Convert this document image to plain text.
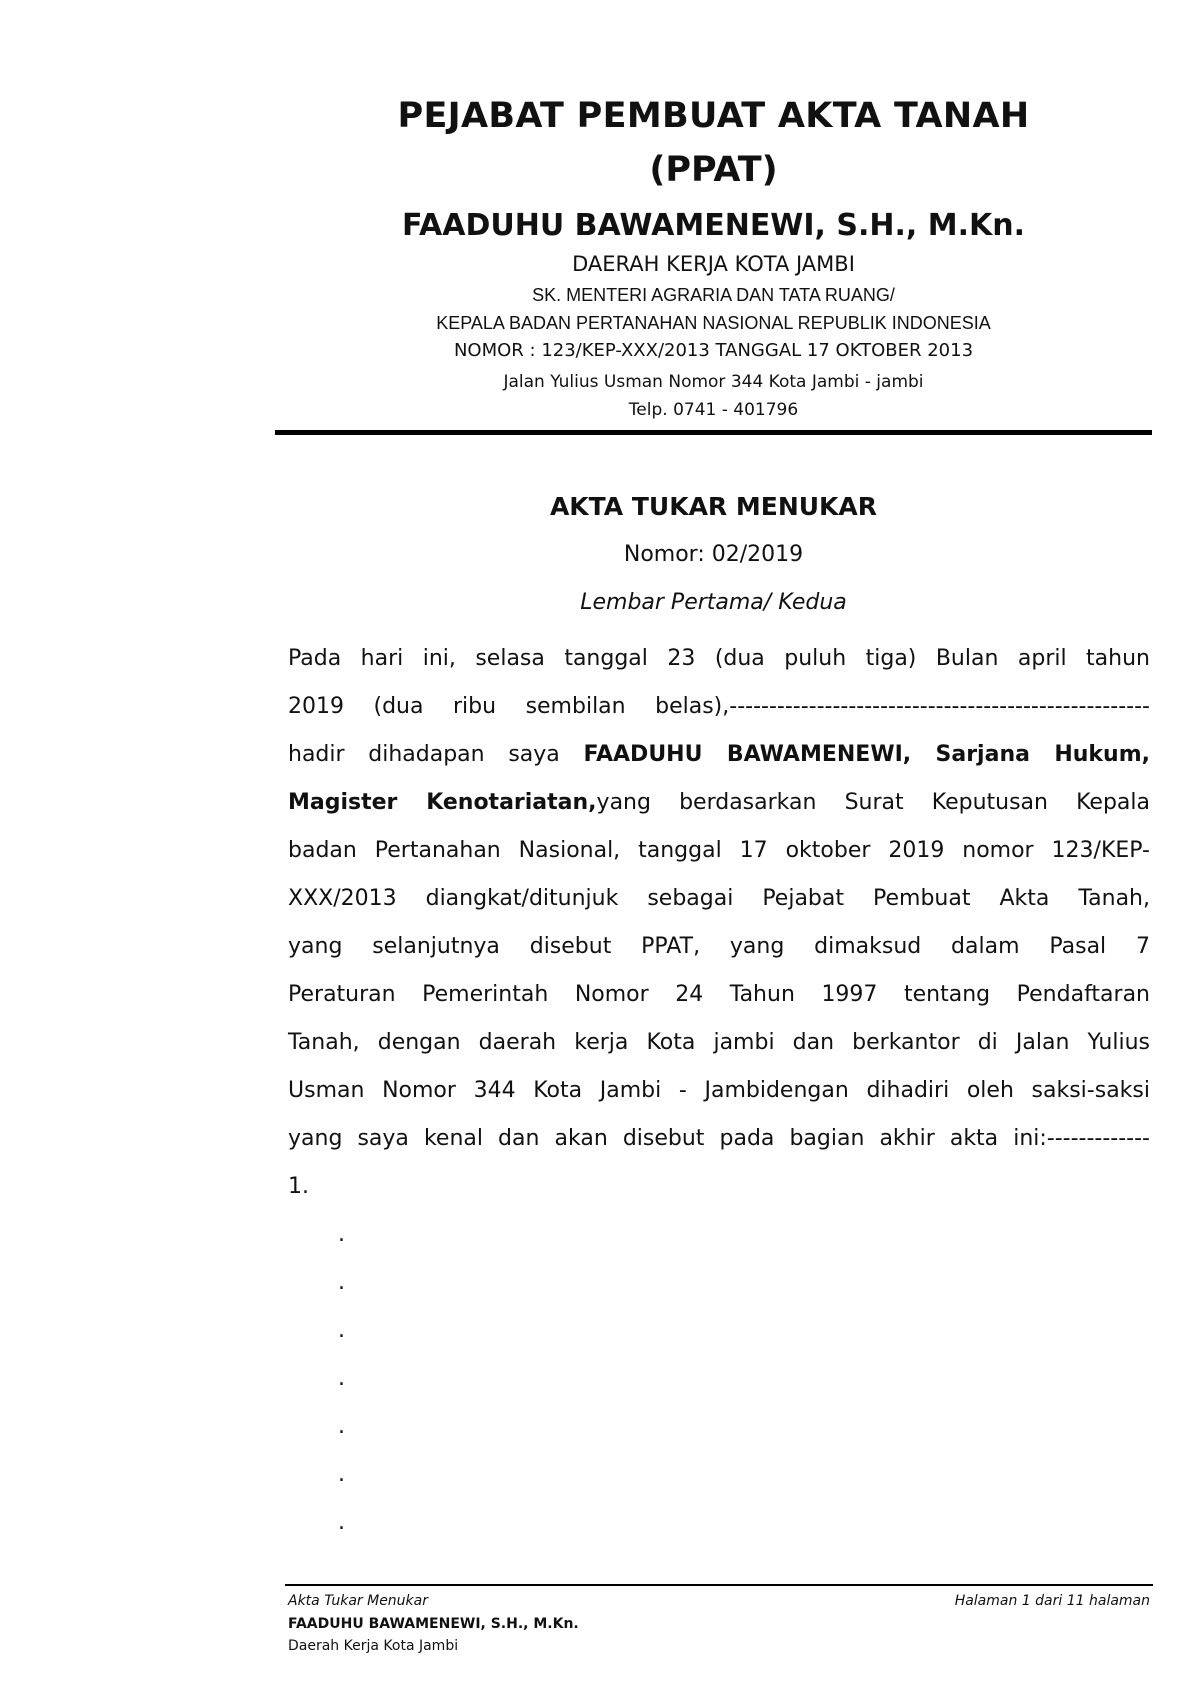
PEJABAT PEMBUAT AKTA TANAH
(PPAT)
FAADUHU BAWAMENEWI, S.H., M.Kn.
DAERAH KERJA KOTA JAMBI
SK. MENTERI AGRARIA DAN TATA RUANG/
KEPALA BADAN PERTANAHAN NASIONAL REPUBLIK INDONESIA
NOMOR : 123/KEP-XXX/2013 TANGGAL 17 OKTOBER 2013
Jalan Yulius Usman Nomor 344 Kota Jambi - jambi
Telp. 0741 - 401796
AKTA TUKAR MENUKAR
Nomor: 02/2019
Lembar Pertama/ Kedua
Pada hari ini, selasa tanggal 23 (dua puluh tiga) Bulan april tahun
2019 (dua ribu sembilan belas),-----------------------------------------------------
hadir dihadapan saya FAADUHU BAWAMENEWI, Sarjana Hukum,
Magister Kenotariatan,yang berdasarkan Surat Keputusan Kepala
badan Pertanahan Nasional, tanggal 17 oktober 2019 nomor 123/KEP-
XXX/2013 diangkat/ditunjuk sebagai Pejabat Pembuat Akta Tanah,
yang selanjutnya disebut PPAT, yang dimaksud dalam Pasal 7
Peraturan Pemerintah Nomor 24 Tahun 1997 tentang Pendaftaran
Tanah, dengan daerah kerja Kota jambi dan berkantor di Jalan Yulius
Usman Nomor 344 Kota Jambi - Jambidengan dihadiri oleh saksi-saksi
yang saya kenal dan akan disebut pada bagian akhir akta ini:-------------
1.
.
.
.
.
.
.
.
Akta Tukar Menukar	Halaman 1 dari 11 halaman
FAADUHU BAWAMENEWI, S.H., M.Kn.
Daerah Kerja Kota Jambi
